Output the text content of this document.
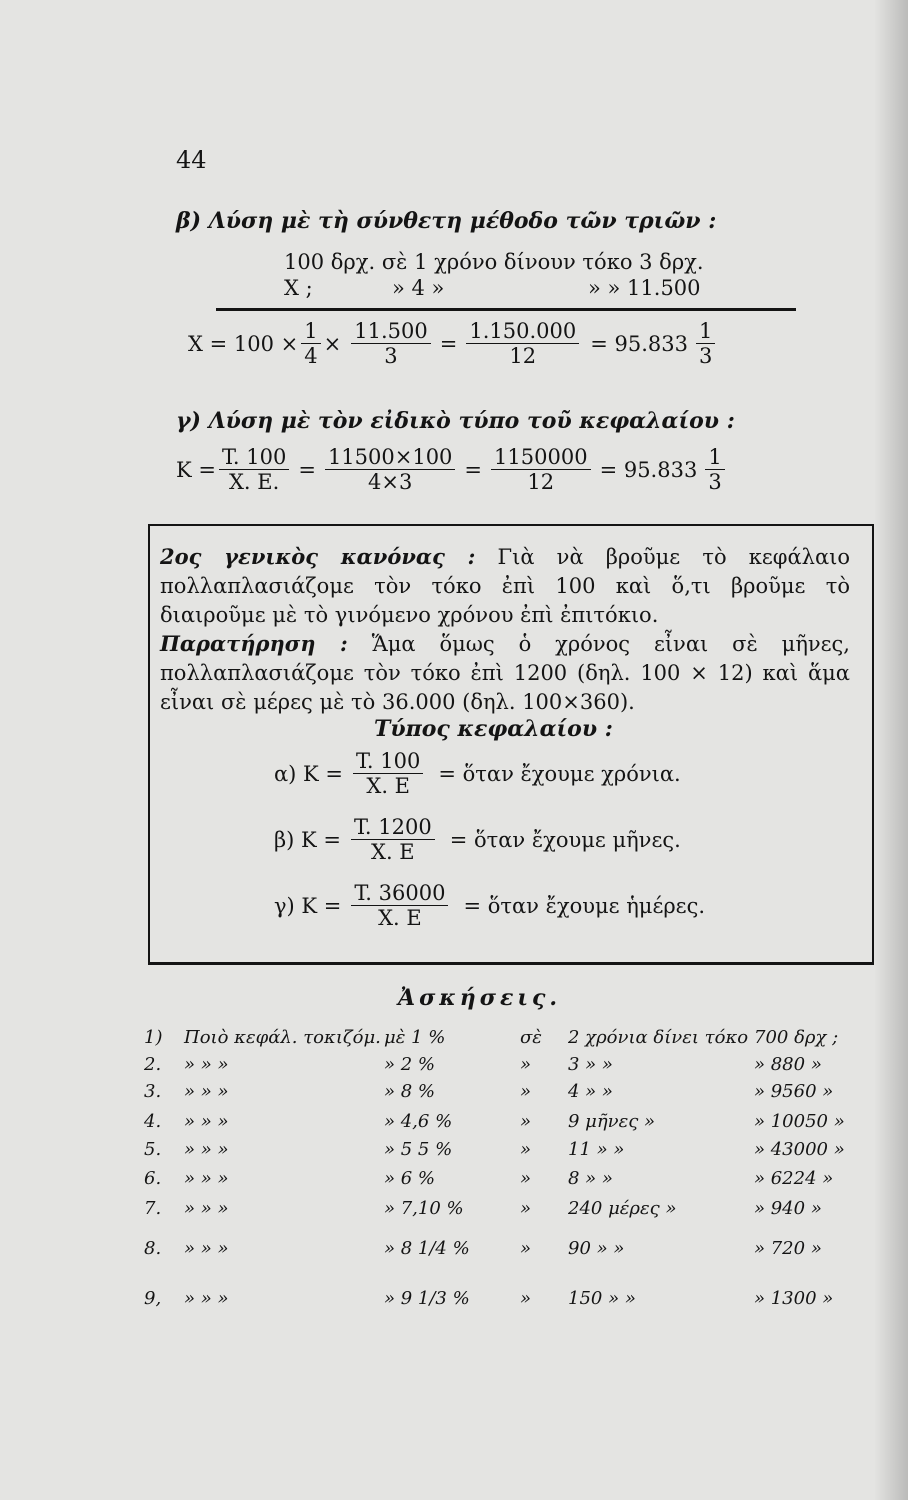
44
β) Λύση μὲ τὴ σύνθετη μέθοδο τῶν τριῶν :
100 δρχ. σὲ 1 χρόνο δίνουν τόκο 3 δρχ.
X ;	» 4 »	» » 11.500
$X = 100 \times \frac{1}{4} \times \frac{11.500}{3} = \frac{1.150.000}{12} = 95.833 \frac{1}{3}$
γ) Λύση μὲ τὸν εἰδικὸ τύπο τοῦ κεφαλαίου :
$K = \frac{T. 100}{X. E.} = \frac{11500\times 100}{4\times 3} = \frac{1150000}{12} = 95.833 \frac{1}{3}$
2ος γενικὸς κανόνας : Γιὰ νὰ βροῦμε τὸ κεφάλαιο πολλαπλασιάζομε τὸν τόκο ἐπὶ 100 καὶ ὅ,τι βροῦμε τὸ διαιροῦμε μὲ τὸ γινόμενο χρόνου ἐπὶ ἐπιτόκιο.
Παρατήρηση : Ἅμα ὅμως ὁ χρόνος εἶναι σὲ μῆνες, πολλαπλασιάζομε τὸν τόκο ἐπὶ 1200 (δηλ. 100 × 12) καὶ ἅμα εἶναι σὲ μέρες μὲ τὸ 36.000 (δηλ. 100×360).
Τύπος κεφαλαίου :
α) $K = \frac{T. 100}{X. E}$ = ὅταν ἔχουμε χρόνια.
β) $K = \frac{T. 1200}{X. E}$ = ὅταν ἔχουμε μῆνες.
γ) $K = \frac{T. 36000}{X. E}$ = ὅταν ἔχουμε ἡμέρες.
Ἀσκήσεις.
1) Ποιὸ κεφάλ. τοκιζόμ. μὲ 1 %	σὲ 2 χρόνια δίνει τόκο 700 δρχ ;
2. » » »	» 2 %	» 3 » »	» 880 »
3. » » »	» 8 %	» 4 » »	» 9560 »
4. » » »	» 4,6 %	» 9 μῆνες »	» 10050 »
5. » » »	» 5 5 %	» 11 » »	» 43000 »
6. » » »	» 6 %	» 8 » »	» 6224 »
7. » » »	» 7,10 %	» 240 μέρες »	» 940 »
8. » » »	» 8 1/4 %	» 90 » »	» 720 »
9, » » »	» 9 1/3 %	» 150 » »	» 1300 »
